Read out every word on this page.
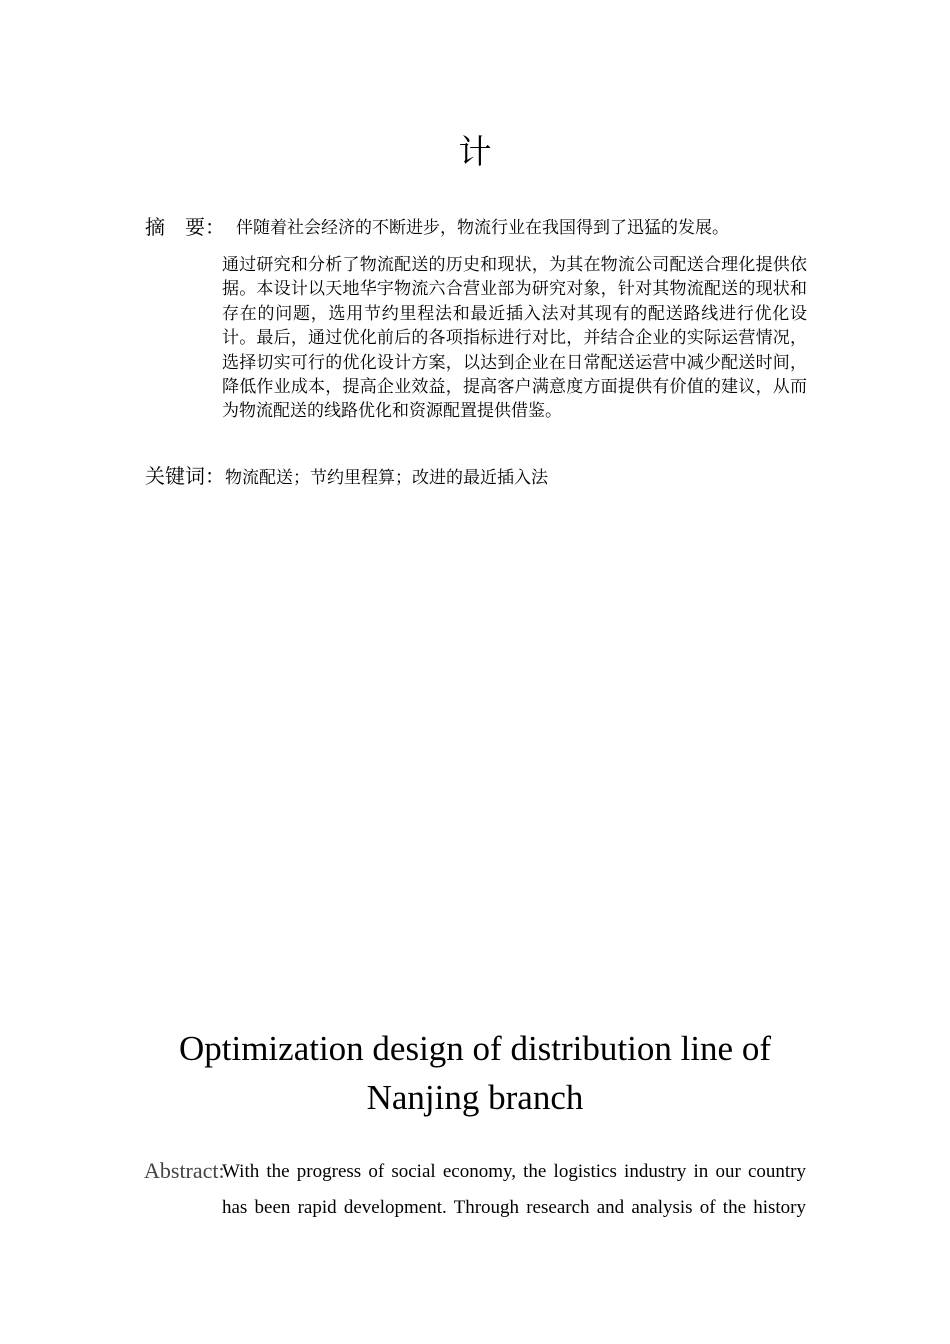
计
摘　要： 伴随着社会经济的不断进步，物流行业在我国得到了迅猛的发展。

通过研究和分析了物流配送的历史和现状，为其在物流公司配送合理化提供依据。本设计以天地华宇物流六合营业部为研究对象，针对其物流配送的现状和存在的问题，选用节约里程法和最近插入法对其现有的配送路线进行优化设计。最后，通过优化前后的各项指标进行对比，并结合企业的实际运营情况，选择切实可行的优化设计方案，以达到企业在日常配送运营中减少配送时间，降低作业成本，提高企业效益，提高客户满意度方面提供有价值的建议，从而为物流配送的线路优化和资源配置提供借鉴。

关键词：物流配送；节约里程算；改进的最近插入法
Optimization design of distribution line of
Nanjing branch
Abstract:
With the progress of social economy, the logistics industry in our country
has been rapid development. Through research and analysis of the history
